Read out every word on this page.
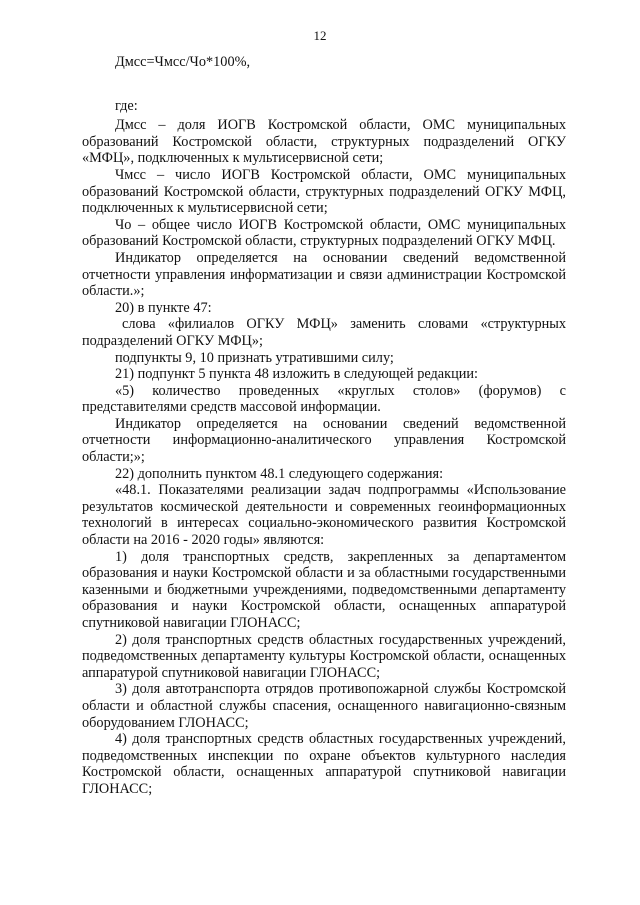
12

Дмсс=Чмсс/Чо*100%,

где:

Дмсс – доля ИОГВ Костромской области, ОМС муниципальных образований Костромской области, структурных подразделений ОГКУ «МФЦ», подключенных к мультисервисной сети;

Чмсс – число ИОГВ Костромской области, ОМС муниципальных образований Костромской области, структурных подразделений ОГКУ МФЦ, подключенных к мультисервисной сети;

Чо – общее число ИОГВ Костромской области, ОМС муниципальных образований Костромской области, структурных подразделений ОГКУ МФЦ.

Индикатор определяется на основании сведений ведомственной отчетности управления информатизации и связи администрации Костромской области.»;

20) в пункте 47:

слова «филиалов ОГКУ МФЦ» заменить словами «структурных подразделений ОГКУ МФЦ»;

подпункты 9, 10 признать утратившими силу;

21) подпункт 5 пункта 48 изложить в следующей редакции:

«5) количество проведенных «круглых столов» (форумов) с представителями средств массовой информации.

Индикатор определяется на основании сведений ведомственной отчетности информационно-аналитического управления Костромской области;»;

22) дополнить пунктом 48.1 следующего содержания:

«48.1. Показателями реализации задач подпрограммы «Использование результатов космической деятельности и современных геоинформационных технологий в интересах социально-экономического развития Костромской области на 2016 - 2020 годы» являются:

1) доля транспортных средств, закрепленных за департаментом образования и науки Костромской области и за областными государственными казенными и бюджетными учреждениями, подведомственными департаменту образования и науки Костромской области, оснащенных аппаратурой спутниковой навигации ГЛОНАСС;

2) доля транспортных средств областных государственных учреждений, подведомственных департаменту культуры Костромской области, оснащенных аппаратурой спутниковой навигации ГЛОНАСС;

3) доля автотранспорта отрядов противопожарной службы Костромской области и областной службы спасения, оснащенного навигационно-связным оборудованием ГЛОНАСС;

4) доля транспортных средств областных государственных учреждений, подведомственных инспекции по охране объектов культурного наследия Костромской области, оснащенных аппаратурой спутниковой навигации ГЛОНАСС;
